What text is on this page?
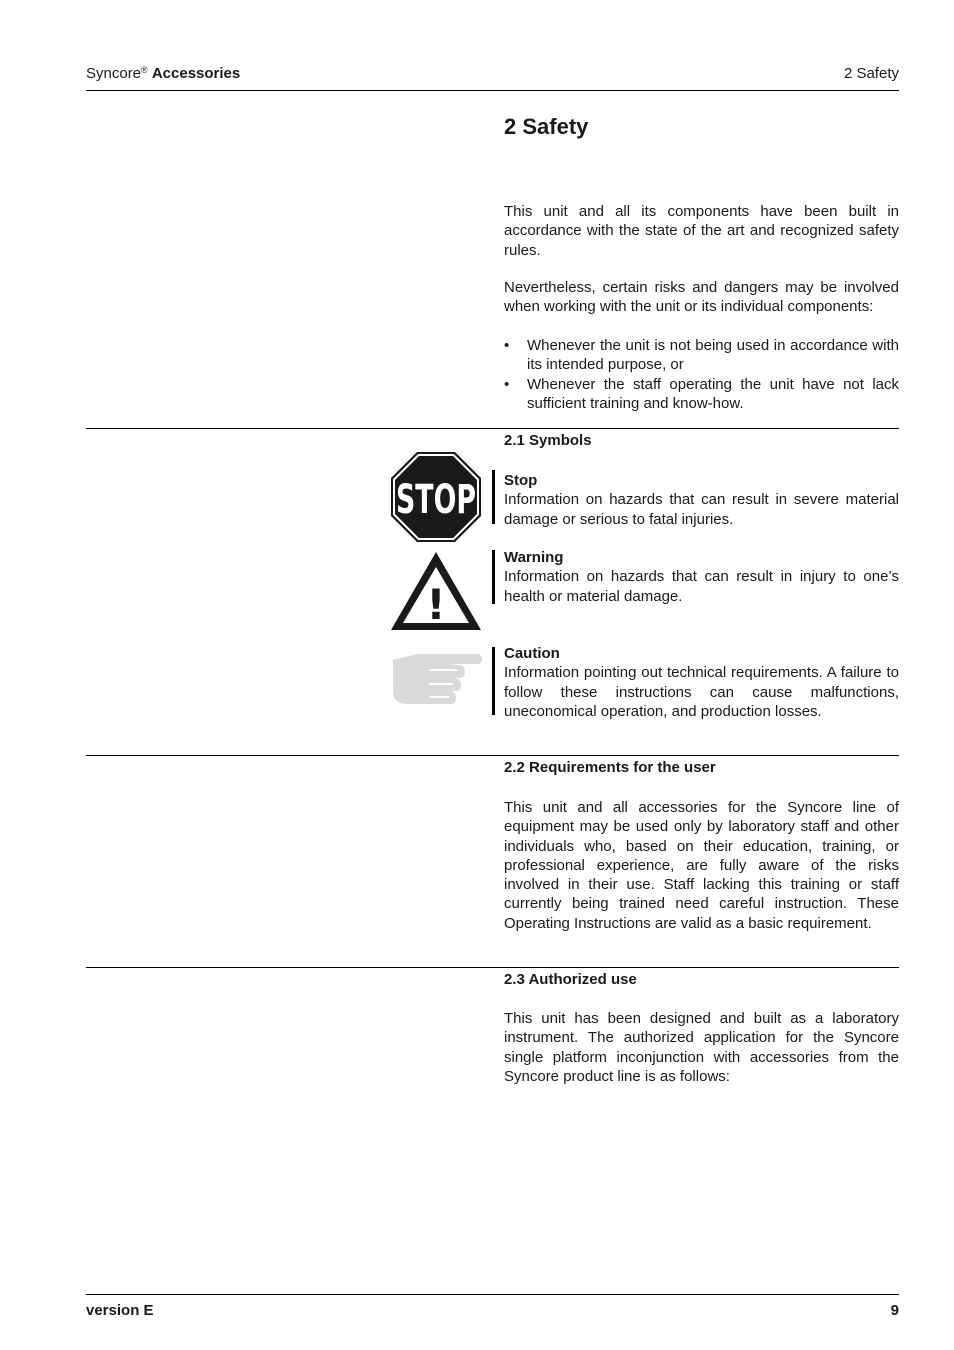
Syncore® Accessories	2 Safety
2 Safety
This unit and all its components have been built in accordance with the state of the art and recognized safety rules.
Nevertheless, certain risks and dangers may be involved when working with the unit or its individual components:
• Whenever the unit is not being used in accordance with its intended purpose, or
• Whenever the staff operating the unit have not lack sufficient training and know-how.
2.1 Symbols
STOP Stop
Information on hazards that can result in severe material damage or serious to fatal injuries.
!
Warning
Information on hazards that can result in injury to one’s health or material damage.
Caution
Information pointing out technical requirements. A failure to follow these instructions can cause malfunctions, uneconomical operation, and production losses.
2.2 Requirements for the user
This unit and all accessories for the Syncore line of equipment may be used only by laboratory staff and other individuals who, based on their education, training, or professional experience, are fully aware of the risks involved in their use. Staff lacking this training or staff currently being trained need careful instruction. These Operating Instructions are valid as a basic requirement.
2.3 Authorized use
This unit has been designed and built as a laboratory instrument. The authorized application for the Syncore single platform inconjunction with accessories from the Syncore product line is as follows:
version E	9
